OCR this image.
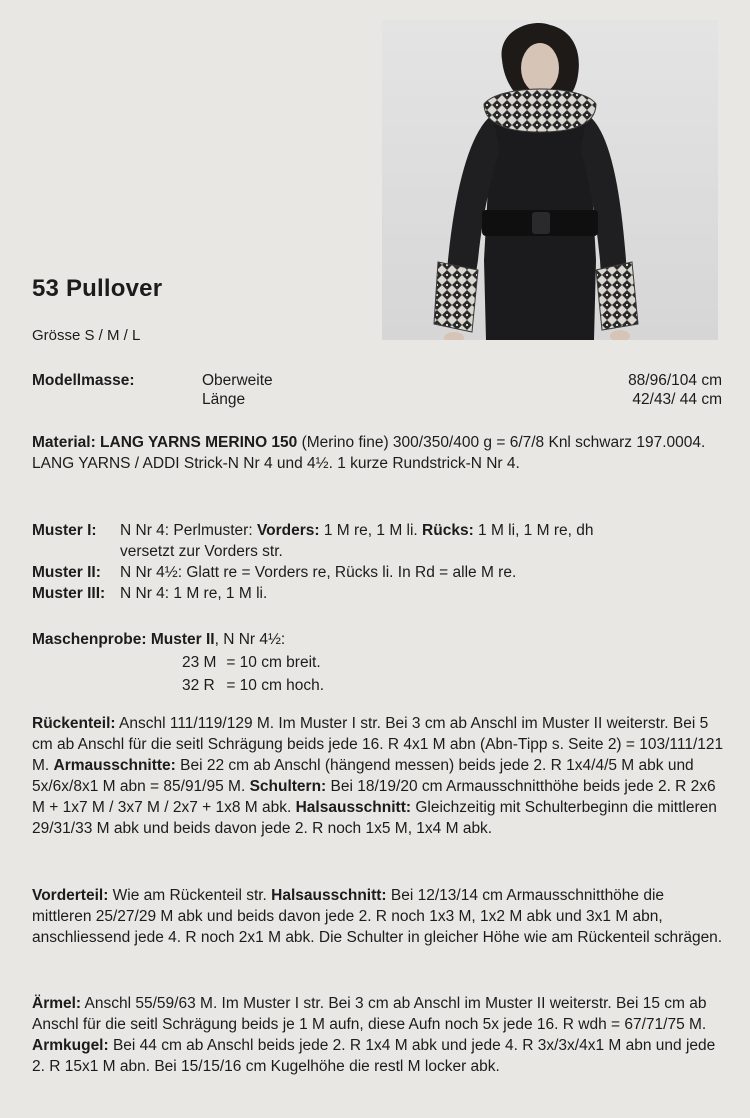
53 Pullover
Grösse S / M / L
Modellmasse:	Oberweite	88/96/104 cm
Länge	42/43/ 44 cm
Material: LANG YARNS MERINO 150 (Merino fine) 300/350/400 g = 6/7/8 Knl schwarz 197.0004. LANG YARNS / ADDI Strick-N Nr 4 und 4½. 1 kurze Rundstrick-N Nr 4.
Muster I:	N Nr 4: Perlmuster: Vorders: 1 M re, 1 M li. Rücks: 1 M li, 1 M re, dh
versetzt zur Vorders str.
Muster II:	N Nr 4½: Glatt re = Vorders re, Rücks li. In Rd = alle M re.
Muster III: N Nr 4: 1 M re, 1 M li.
Maschenprobe: Muster II, N Nr 4½:
23 M = 10 cm breit.
32 R = 10 cm hoch.
Rückenteil: Anschl 111/119/129 M. Im Muster I str. Bei 3 cm ab Anschl im Muster II weiterstr. Bei 5 cm ab Anschl für die seitl Schrägung beids jede 16. R 4x1 M abn (Abn-Tipp s. Seite 2) = 103/111/121 M. Armausschnitte: Bei 22 cm ab Anschl (hängend messen) beids jede 2. R 1x4/4/5 M abk und 5x/6x/8x1 M abn = 85/91/95 M. Schultern: Bei 18/19/20 cm Armausschnitthöhe beids jede 2. R 2x6 M + 1x7 M / 3x7 M / 2x7 + 1x8 M abk. Halsausschnitt: Gleichzeitig mit Schulterbeginn die mittleren 29/31/33 M abk und beids davon jede 2. R noch 1x5 M, 1x4 M abk.
Vorderteil: Wie am Rückenteil str. Halsausschnitt: Bei 12/13/14 cm Armausschnitthöhe die mittleren 25/27/29 M abk und beids davon jede 2. R noch 1x3 M, 1x2 M abk und 3x1 M abn, anschliessend jede 4. R noch 2x1 M abk. Die Schulter in gleicher Höhe wie am Rückenteil schrägen.
Ärmel: Anschl 55/59/63 M. Im Muster I str. Bei 3 cm ab Anschl im Muster II weiterstr. Bei 15 cm ab Anschl für die seitl Schrägung beids je 1 M aufn, diese Aufn noch 5x jede 16. R wdh = 67/71/75 M. Armkugel: Bei 44 cm ab Anschl beids jede 2. R 1x4 M abk und jede 4. R 3x/3x/4x1 M abn und jede 2. R 15x1 M abn. Bei 15/15/16 cm Kugelhöhe die restl M locker abk.
